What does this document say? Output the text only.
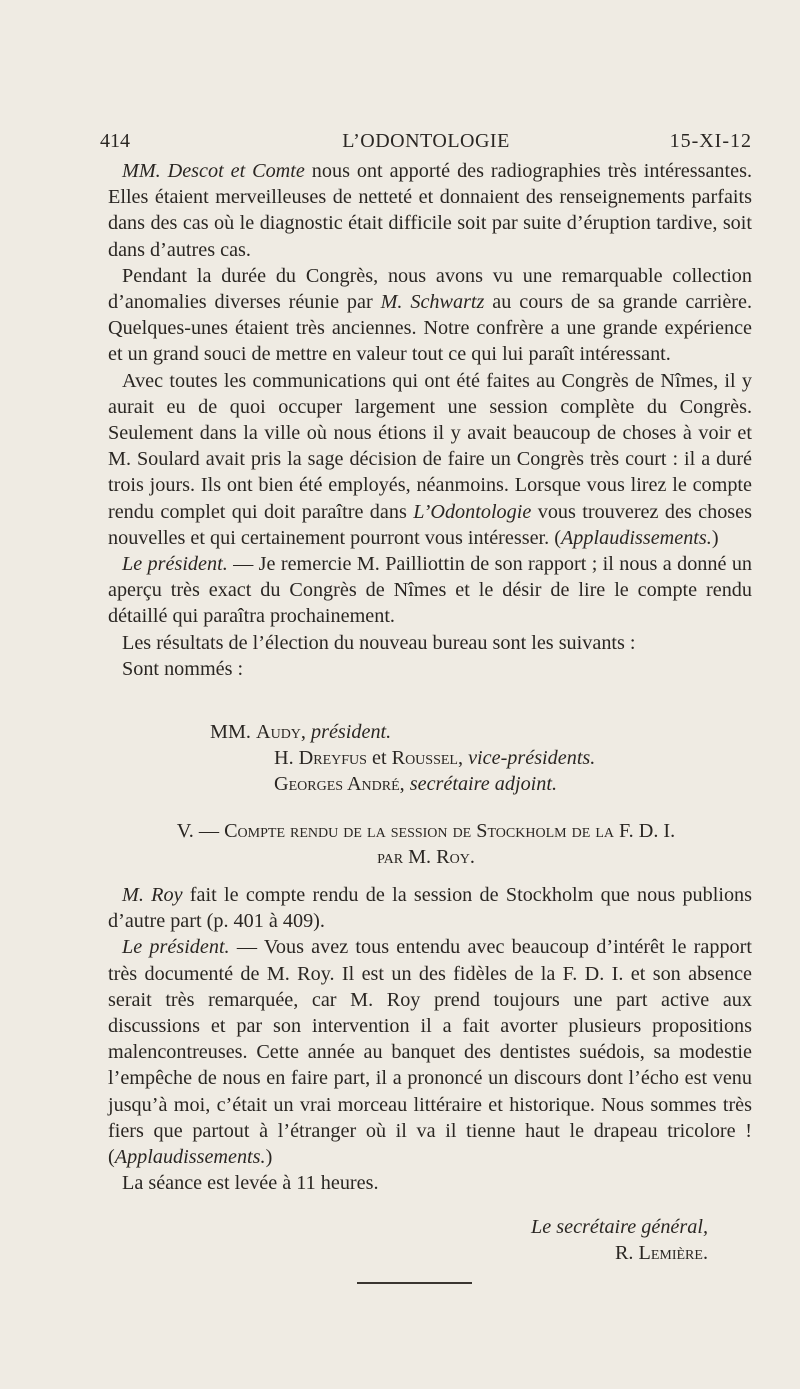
414	L’ODONTOLOGIE	15-XI-12

MM. Descot et Comte nous ont apporté des radiographies très intéressantes. Elles étaient merveilleuses de netteté et donnaient des renseignements parfaits dans des cas où le diagnostic était difficile soit par suite d’éruption tardive, soit dans d’autres cas.

Pendant la durée du Congrès, nous avons vu une remarquable collection d’anomalies diverses réunie par M. Schwartz au cours de sa grande carrière. Quelques-unes étaient très anciennes. Notre confrère a une grande expérience et un grand souci de mettre en valeur tout ce qui lui paraît intéressant.

Avec toutes les communications qui ont été faites au Congrès de Nîmes, il y aurait eu de quoi occuper largement une session complète du Congrès. Seulement dans la ville où nous étions il y avait beaucoup de choses à voir et M. Soulard avait pris la sage décision de faire un Congrès très court : il a duré trois jours. Ils ont bien été employés, néanmoins. Lorsque vous lirez le compte rendu complet qui doit paraître dans L’Odontologie vous trouverez des choses nouvelles et qui certainement pourront vous intéresser. (Applaudissements.)

Le président. — Je remercie M. Pailliottin de son rapport ; il nous a donné un aperçu très exact du Congrès de Nîmes et le désir de lire le compte rendu détaillé qui paraîtra prochainement.

Les résultats de l’élection du nouveau bureau sont les suivants :

Sont nommés :

MM. Audy, président.
H. Dreyfus et Roussel, vice-présidents.
Georges André, secrétaire adjoint.
V. — Compte rendu de la session de Stockholm de la F. D. I.
par M. Roy.

M. Roy fait le compte rendu de la session de Stockholm que nous publions d’autre part (p. 401 à 409).

Le président. — Vous avez tous entendu avec beaucoup d’intérêt le rapport très documenté de M. Roy. Il est un des fidèles de la F. D. I. et son absence serait très remarquée, car M. Roy prend toujours une part active aux discussions et par son intervention il a fait avorter plusieurs propositions malencontreuses. Cette année au banquet des dentistes suédois, sa modestie l’empêche de nous en faire part, il a prononcé un discours dont l’écho est venu jusqu’à moi, c’était un vrai morceau littéraire et historique. Nous sommes très fiers que partout à l’étranger où il va il tienne haut le drapeau tricolore ! (Applaudissements.)

La séance est levée à 11 heures.

Le secrétaire général,
R. Lemière.
